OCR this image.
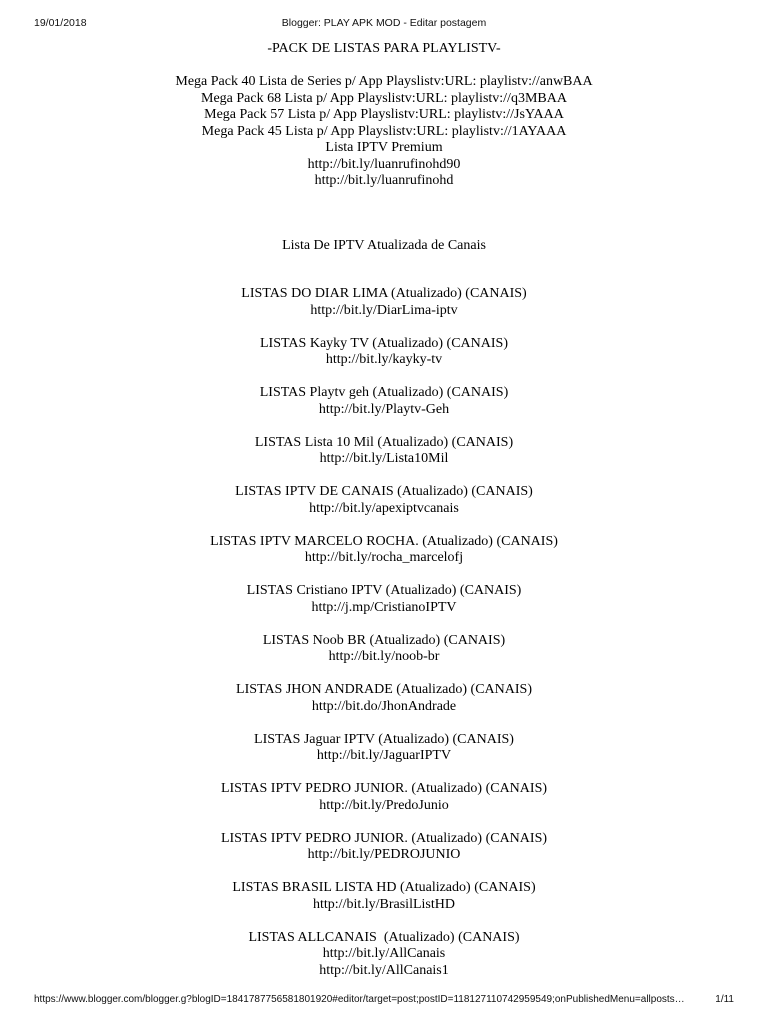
19/01/2018	Blogger: PLAY APK MOD - Editar postagem
-PACK DE LISTAS PARA PLAYLISTV-
Mega Pack 40 Lista de Series p/ App Playslistv:URL: playlistv://anwBAA
Mega Pack 68 Lista p/ App Playslistv:URL: playlistv://q3MBAA
Mega Pack 57 Lista p/ App Playslistv:URL: playlistv://JsYAAA
Mega Pack 45 Lista p/ App Playslistv:URL: playlistv://1AYAAA
Lista IPTV Premium
http://bit.ly/luanrufinohd90
http://bit.ly/luanrufinohd
Lista De IPTV Atualizada de Canais
LISTAS DO DIAR LIMA (Atualizado) (CANAIS)
http://bit.ly/DiarLima-iptv
LISTAS Kayky TV (Atualizado) (CANAIS)
http://bit.ly/kayky-tv
LISTAS Playtv geh (Atualizado) (CANAIS)
http://bit.ly/Playtv-Geh
LISTAS Lista 10 Mil (Atualizado) (CANAIS)
http://bit.ly/Lista10Mil
LISTAS IPTV DE CANAIS (Atualizado) (CANAIS)
http://bit.ly/apexiptvcanais
LISTAS IPTV MARCELO ROCHA. (Atualizado) (CANAIS)
http://bit.ly/rocha_marcelofj
LISTAS Cristiano IPTV (Atualizado) (CANAIS)
http://j.mp/CristianoIPTV
LISTAS Noob BR (Atualizado) (CANAIS)
http://bit.ly/noob-br
LISTAS JHON ANDRADE (Atualizado) (CANAIS)
http://bit.do/JhonAndrade
LISTAS Jaguar IPTV (Atualizado) (CANAIS)
http://bit.ly/JaguarIPTV
LISTAS IPTV PEDRO JUNIOR. (Atualizado) (CANAIS)
http://bit.ly/PredoJunio
LISTAS IPTV PEDRO JUNIOR. (Atualizado) (CANAIS)
http://bit.ly/PEDROJUNIO
LISTAS BRASIL LISTA HD (Atualizado) (CANAIS)
http://bit.ly/BrasilListHD
LISTAS ALLCANAIS  (Atualizado) (CANAIS)
http://bit.ly/AllCanais
http://bit.ly/AllCanais1
https://www.blogger.com/blogger.g?blogID=1841787756581801920#editor/target=post;postID=118127110742959549;onPublishedMenu=allposts…	1/11
